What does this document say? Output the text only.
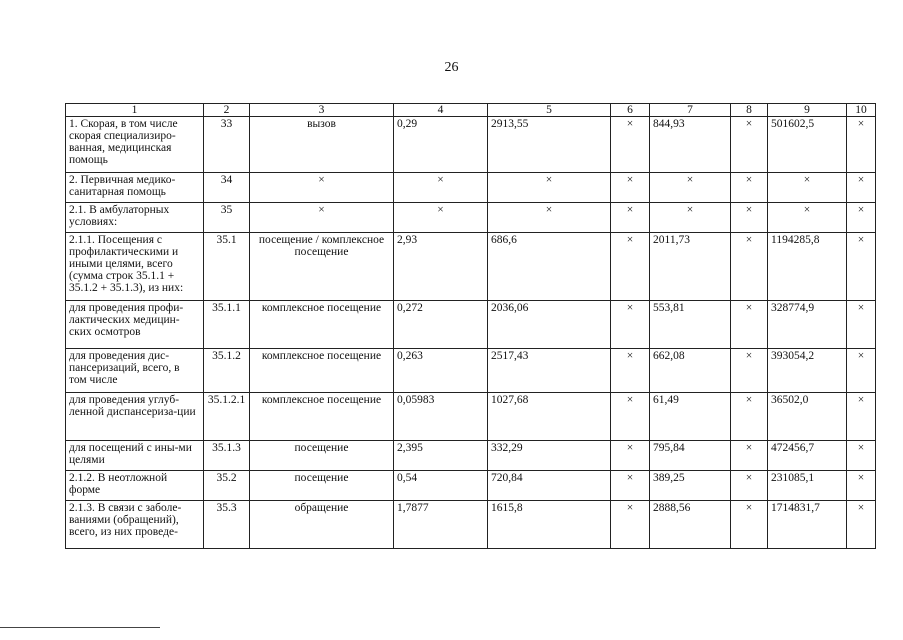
26
1	2	3	4	5	6	7	8	9	10
1. Скорая, в том числе скорая специализиро-ванная, медицинская помощь	33	вызов	0,29	2913,55	×	844,93	×	501602,5	×
2. Первичная медико-санитарная помощь	34	×	×	×	×	×	×	×	×
2.1. В амбулаторных условиях:	35	×	×	×	×	×	×	×	×
2.1.1. Посещения с профилактическими и иными целями, всего (сумма строк 35.1.1 + 35.1.2 + 35.1.3), из них:	35.1	посещение / комплексное посещение	2,93	686,6	×	2011,73	×	1194285,8	×
для проведения профи-лактических медицин-ских осмотров	35.1.1	комплексное посещение	0,272	2036,06	×	553,81	×	328774,9	×
для проведения дис-пансеризаций, всего, в том числе	35.1.2	комплексное посещение	0,263	2517,43	×	662,08	×	393054,2	×
для проведения углуб-ленной диспансериза-ции	35.1.2.1	комплексное посещение	0,05983	1027,68	×	61,49	×	36502,0	×
для посещений с ины-ми целями	35.1.3	посещение	2,395	332,29	×	795,84	×	472456,7	×
2.1.2. В неотложной форме	35.2	посещение	0,54	720,84	×	389,25	×	231085,1	×
2.1.3. В связи с заболе-ваниями (обращений), всего, из них проведе-	35.3	обращение	1,7877	1615,8	×	2888,56	×	1714831,7	×
